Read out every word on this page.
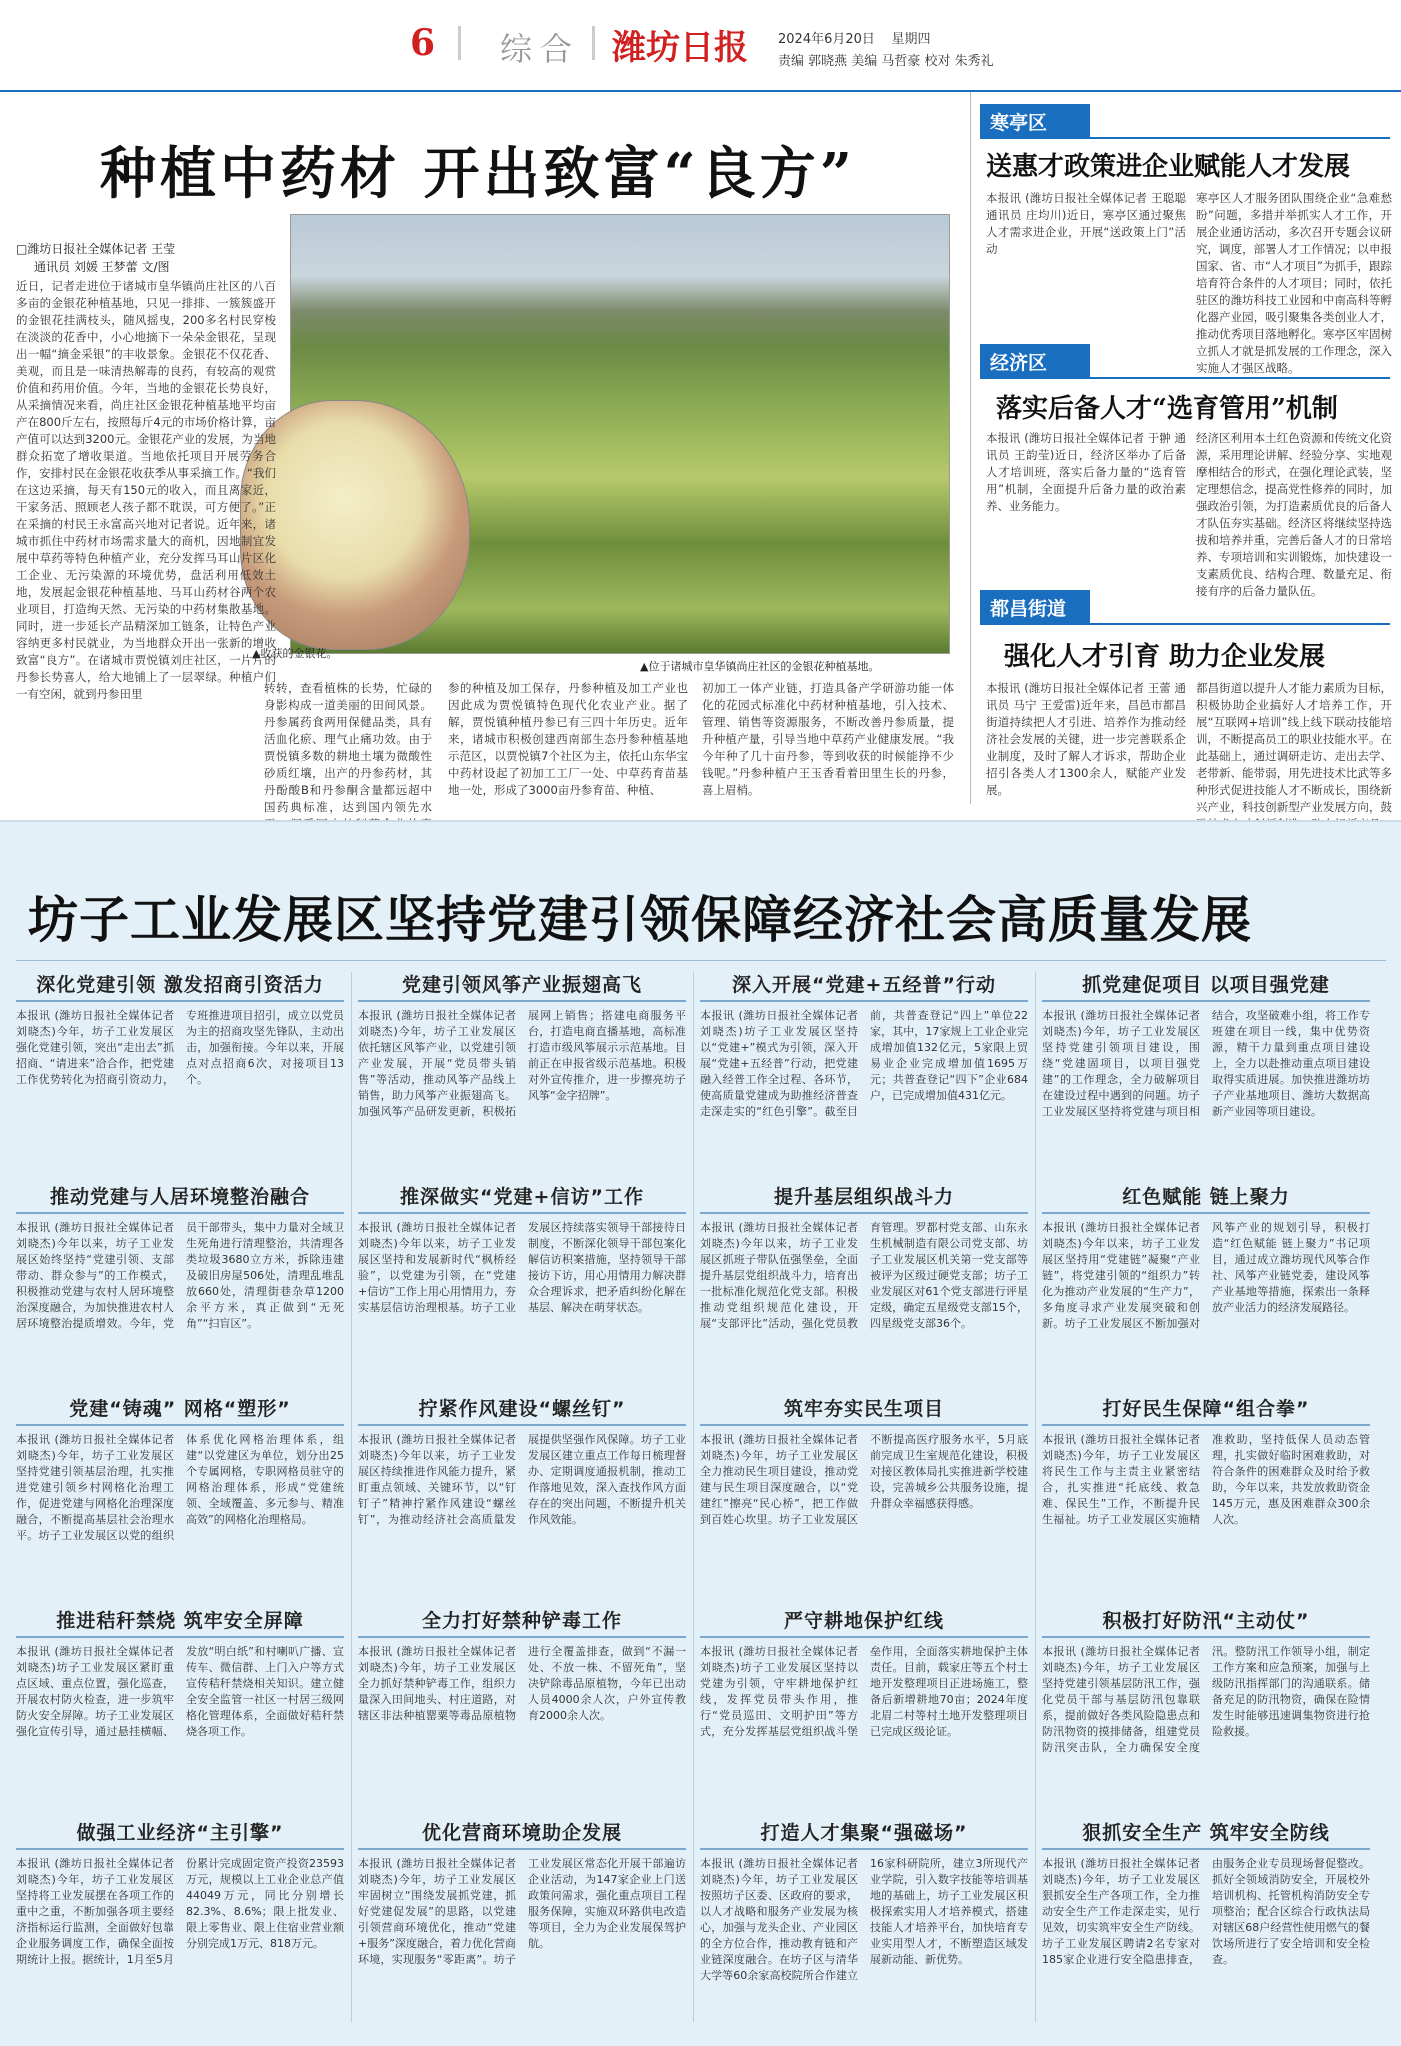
6 综合 潍坊日报 2024年6月20日 星期四
责编 郭晓燕 美编 马哲豪 校对 朱秀礼
种植中药材 开出致富“良方”
□潍坊日报社全媒体记者 王莹
通讯员 刘媛 王梦蕾 文/图
▲收获的金银花。
▲位于诸城市皇华镇尚庄社区的金银花种植基地。
近日，记者走进位于诸城市皇华镇尚庄社区的八百多亩的金银花种植基地，只见一排排、一簇簇盛开的金银花挂满枝头，随风摇曳，200多名村民穿梭在淡淡的花香中，小心地摘下一朵朵金银花，呈现出一幅“摘金采银”的丰收景象。金银花不仅花香、美观，而且是一味清热解毒的良药，有较高的观赏价值和药用价值。今年，当地的金银花长势良好，从采摘情况来看，尚庄社区金银花种植基地平均亩产在800斤左右，按照每斤4元的市场价格计算，亩产值可以达到3200元。金银花产业的发展，为当地群众拓宽了增收渠道。当地依托项目开展劳务合作，安排村民在金银花收获季从事采摘工作。“我们在这边采摘，每天有150元的收入，而且离家近，干家务活、照顾老人孩子都不耽误，可方便了。”正在采摘的村民王永富高兴地对记者说。近年来，诸城市抓住中药材市场需求量大的商机，因地制宜发展中草药等特色种植产业，充分发挥马耳山片区化工企业、无污染源的环境优势，盘活利用低效土地，发展起金银花种植基地、马耳山药材谷两个农业项目，打造绚天然、无污染的中药材集散基地。同时，进一步延长产品精深加工链条，让特色产业容纳更多村民就业，为当地群众开出一张新的增收致富“良方”。在诸城市贾悦镇刘庄社区，一片片的丹参长势喜人，给大地铺上了一层翠绿。种植户们一有空闲，就到丹参田里	转转，查看植株的长势，忙碌的身影构成一道美丽的田间风景。丹参属药食两用保健品类，具有活血化瘀、理气止痛功效。由于贾悦镇多数的耕地土壤为微酸性砂质红壤，出产的丹参药材，其丹酚酸B和丹参酮含量都远超中国药典标准，达到国内领先水
参的种植及加工保存，丹参种植及加工产业也因此成为贾悦镇特色现代化农业产业。据了解，贾悦镇种植丹参已有三四十年历史。近年来，诸城市积极创建西南部生态丹参种植基地示范区，以贾悦镇7个社区为主，依托山东华宝中药材设起了初加工工厂一处、中草药育苗基地一处，形成了3000亩丹参育苗、种植、
初加工一体产业链，打造具备产学研游功能一体化的花园式标准化中药材种植基地，引入技术、管理、销售等资源服务，不断改善丹参质量，提升种植产量，引导当地中草药产业健康发展。“我今年种了几十亩丹参，等到收获的时候能挣不少钱呢。”丹参种植户王玉香看着田里生长的丹参，喜上眉梢。
寒亭区
送惠才政策进企业赋能人才发展
本报讯 (潍坊日报社全媒体记者 王聪聪 通讯员 庄均川)近日，寒亭区通过聚焦人才需求进企业，开展“送政策上门”活动
寒亭区人才服务团队围绕企业“急难愁盼”问题，多措并举抓实人才工作，开展企业通访活动，多次召开专题会议研究，调度，部署人才工作情况；以申报国家、省、市“人才项目”为抓手，跟踪培育符合条件的人才项目；同时，依托驻区的潍坊科技工业园和中南高科等孵化器产业园，吸引聚集各类创业人才，推动优秀项目落地孵化。寒亭区牢固树立抓人才就是抓发展的工作理念，深入实施人才强区战略。
经济区
落实后备人才“选育管用”机制
本报讯 (潍坊日报社全媒体记者 于翀 通讯员 王韵莹)近日，经济区举办了后备人才培训班，落实后备力量的“选育管用”机制，全面提升后备力量的政治素养、业务能力。
经济区利用本土红色资源和传统文化资源，采用理论讲解、经验分享、实地观摩相结合的形式，在强化理论武装，坚定理想信念，提高党性修养的同时，加强政治引领，为打造素质优良的后备人才队伍夯实基础。经济区将继续坚持选拔和培养并重，完善后备人才的日常培养、专项培训和实训锻炼，加快建设一支素质优良、结构合理、数量充足、衔接有序的后备力量队伍。
都昌街道
强化人才引育 助力企业发展
本报讯 (潍坊日报社全媒体记者 王蕾 通讯员 马宁 王爱雷)近年来，昌邑市都昌街道持续把人才引进、培养作为推动经济社会发展的关键，进一步完善联系企业制度，及时了解人才诉求，帮助企业招引各类人才1300余人，赋能产业发展。
都昌街道以提升人才能力素质为目标，积极协助企业搞好人才培养工作，开展“互联网+培训”线上线下联动技能培训，不断提高员工的职业技能水平。在此基础上，通过调研走访、走出去学、老带新、能带弱，用先进技术比武等多种形式促进技能人才不断成长，围绕新兴产业，科技创新型产业发展方向，鼓
坊子工业发展区坚持党建引领保障经济社会高质量发展
深化党建引领 激发招商引资活力
本报讯 (潍坊日报社全媒体记者 刘晓杰)今年，坊子工业发展区强化党建引领，突出“走出去”抓招商、“请进来”洽合作，把党建工作优势转化为招商引资动力，专班推进项目招引，成立以党员为主的招商攻坚先锋队，主动出击，加强衔接。今年以来，开展点对点招商6次，对接项目13个。
党建引领风筝产业振翅高飞
本报讯 (潍坊日报社全媒体记者 刘晓杰)今年，坊子工业发展区依托辖区风筝产业，以党建引领产业发展，开展“党员带头销售”等活动，推动风筝产品线上销售，助力风筝产业振翅高飞。加强风筝产品研发更新，积极拓展网上销售；搭建电商服务平台，打造电商直播基地，高标准打造市级风筝展示示范基地。目前正在申报省级示范基地。积极对外宣传推介，进一步擦亮坊子风筝“金字招牌”。
深入开展“党建+五经普”行动
本报讯 (潍坊日报社全媒体记者 刘晓杰)坊子工业发展区坚持以“党建+”模式为引领，深入开展“党建+五经普”行动，把党建融入经普工作全过程、各环节，使高质量党建成为助推经济普查走深走实的“红色引擎”。截至目前，共普查登记“四上”单位22家，其中，17家规上工业企业完成增加值132亿元，5家限上贸易业企业完成增加值1695万元；共普查登记“四下”企业684户，已完成增加值431亿元。
抓党建促项目 以项目强党建
本报讯 (潍坊日报社全媒体记者 刘晓杰)今年，坊子工业发展区坚持党建引领项目建设，围绕“党建固项目，以项目强党建”的工作理念，全力破解项目在建设过程中遇到的问题。坊子工业发展区坚持将党建与项目相结合，攻坚破难小组，将工作专班建在项目一线，集中优势资源，精干力量到重点项目建设上，全力以赴推动重点项目建设取得实质进展。加快推进潍坊坊子产业基地项目、潍坊大数据高新产业园等项目建设。
推动党建与人居环境整治融合
本报讯 (潍坊日报社全媒体记者 刘晓杰)今年以来，坊子工业发展区始终坚持“党建引领、支部带动、群众参与”的工作模式，积极推动党建与农村人居环境整治深度融合，为加快推进农村人居环境整治提质增效。今年，党员干部带头，集中力量对全域卫生死角进行清理整治，共清理各类垃圾3680立方米，拆除违建及破旧房屋506处，清理乱堆乱放660处，清理街巷杂草1200余平方米，真正做到“无死角”“扫盲区”。
推深做实“党建+信访”工作
本报讯 (潍坊日报社全媒体记者 刘晓杰)今年以来，坊子工业发展区坚持和发展新时代“枫桥经验”，以党建为引领，在“党建+信访”工作上用心用情用力，夯实基层信访治理根基。坊子工业发展区持续落实领导干部接待日制度，不断深化领导干部包案化解信访积案措施，坚持领导干部接访下访，用心用情用力解决群众合理诉求，把矛盾纠纷化解在基层、解决在萌芽状态。
提升基层组织战斗力
本报讯 (潍坊日报社全媒体记者 刘晓杰)今年以来，坊子工业发展区抓班子带队伍强堡垒，全面提升基层党组织战斗力，培育出一批标准化规范化党支部。积极推动党组织规范化建设，开展“支部评比”活动，强化党员教育管理。罗都村党支部、山东永生机械制造有限公司党支部、坊子工业发展区机关第一党支部等被评为区级过硬党支部；坊子工业发展区对61个党支部进行评星定级，确定五星级党支部15个，四星级党支部36个。
红色赋能 链上聚力
本报讯 (潍坊日报社全媒体记者 刘晓杰)今年以来，坊子工业发展区坚持用“党建链”凝聚“产业链”，将党建引领的“组织力”转化为推动产业发展的“生产力”，多角度寻求产业发展突破和创新。坊子工业发展区不断加强对风筝产业的规划引导，积极打造“红色赋能 链上聚力”书记项目，通过成立潍坊现代风筝合作社、风筝产业链党委，建设风筝产业基地等措施，探索出一条释放产业活力的经济发展路径。
党建“铸魂” 网格“塑形”
本报讯 (潍坊日报社全媒体记者 刘晓杰)今年，坊子工业发展区坚持党建引领基层治理，扎实推进党建引领乡村网格化治理工作，促进党建与网格化治理深度融合，不断提高基层社会治理水平。坊子工业发展区以党的组织体系优化网格治理体系，组建“以党建区为单位，划分出25个专属网格，专职网格员驻守的网格治理体系，形成“党建统领、全域覆盖、多元参与、精准高效”的网格化治理格局。
拧紧作风建设“螺丝钉”
本报讯 (潍坊日报社全媒体记者 刘晓杰)今年以来，坊子工业发展区持续推进作风能力提升，紧盯重点领域、关键环节，以“钉钉子”精神拧紧作风建设“螺丝钉”，为推动经济社会高质量发展提供坚强作风保障。坊子工业发展区建立重点工作每日梳理督办、定期调度通报机制，推动工作落地见效，深入查找作风方面存在的突出问题，不断提升机关作风效能。
筑牢夯实民生项目
本报讯 (潍坊日报社全媒体记者 刘晓杰)今年，坊子工业发展区全力推动民生项目建设，推动党建与民生项目深度融合，以“党建红”擦亮“民心桥”，把工作做到百姓心坎里。坊子工业发展区不断提高医疗服务水平，5月底前完成卫生室规范化建设，积极对接区教体局扎实推进新学校建设，完善城乡公共服务设施，提升群众幸福感获得感。
打好民生保障“组合拳”
本报讯 (潍坊日报社全媒体记者 刘晓杰)今年，坊子工业发展区将民生工作与主责主业紧密结合，扎实推进“托底线、救急难、保民生”工作，不断提升民生福祉。坊子工业发展区实施精准救助，坚持低保人员动态管理，扎实做好临时困难救助，对符合条件的困难群众及时给予救助，今年以来，共发放救助资金145万元，惠及困难群众300余人次。
推进秸秆禁烧 筑牢安全屏障
本报讯 (潍坊日报社全媒体记者 刘晓杰)坊子工业发展区紧盯重点区域、重点位置，强化巡查，开展农村防火检查，进一步筑牢防火安全屏障。坊子工业发展区强化宣传引导，通过悬挂横幅、发放“明白纸”和村喇叭广播、宣传车、微信群、上门入户等方式宣传秸秆禁烧相关知识。建立健全安全监管一社区一村居三级网格化管理体系，全面做好秸秆禁烧各项工作。
全力打好禁种铲毒工作
本报讯 (潍坊日报社全媒体记者 刘晓杰)今年，坊子工业发展区全力抓好禁种铲毒工作，组织力量深入田间地头、村庄道路，对辖区非法种植罂粟等毒品原植物进行全覆盖排查，做到“不漏一处、不放一株、不留死角”，坚决铲除毒品原植物，今年已出动人员4000余人次，户外宣传教育2000余人次。
严守耕地保护红线
本报讯 (潍坊日报社全媒体记者 刘晓杰)坊子工业发展区坚持以党建为引领，守牢耕地保护红线，发挥党员带头作用，推行“党员巡田、文明护田”等方式，充分发挥基层党组织战斗堡垒作用，全面落实耕地保护主体责任。目前，载家庄等五个村土地开发整理项目正进场施工，整备后新增耕地70亩；2024年度北眉二村等村土地开发整理项目已完成区级论证。
积极打好防汛“主动仗”
本报讯 (潍坊日报社全媒体记者 刘晓杰)今年，坊子工业发展区坚持党建引领基层防汛工作，强化党员干部与基层防汛包靠联系，提前做好各类风险隐患点和防汛物资的摸排储备，组建党员防汛突击队，全力确保安全度汛。整防汛工作领导小组，制定工作方案和应急预案，加强与上级防汛指挥部门的沟通联系。储备充足的防汛物资，确保在险情发生时能够迅速调集物资进行抢险救援。
做强工业经济“主引擎”
本报讯 (潍坊日报社全媒体记者 刘晓杰)今年，坊子工业发展区坚持将工业发展摆在各项工作的重中之重，不断加强各项主要经济指标运行监测，全面做好包靠企业服务调度工作，确保全面按期统计上报。据统计，1月至5月份累计完成固定资产投资23593万元，规模以上工业企业总产值44049万元，同比分别增长82.3%、8.6%；限上批发业、限上零售业、限上住宿业营业额分别完成1万元、818万元。
优化营商环境助企发展
本报讯 (潍坊日报社全媒体记者 刘晓杰)今年，坊子工业发展区牢固树立“围绕发展抓党建，抓好党建促发展”的思路，以党建引领营商环境优化，推动“党建+服务”深度融合，着力优化营商环境，实现服务“零距离”。坊子工业发展区常态化开展干部遍访企业活动，为147家企业上门送政策问需求，强化重点项目工程服务保障，实施双环路供电改造等项目，全力为企业发展保驾护航。
打造人才集聚“强磁场”
本报讯 (潍坊日报社全媒体记者 刘晓杰)今年，坊子工业发展区按照坊子区委、区政府的要求，以人才战略和服务产业发展为核心，加强与龙头企业、产业园区的全方位合作，推动教育链和产业链深度融合。在坊子区与清华大学等60余家高校院所合作建立16家科研院所，建立3所现代产业学院，引入数字技能等培训基地的基础上，坊子工业发展区积极探索实用人才培养模式，搭建技能人才培养平台，加快培育专业实用型人才，不断塑造区域发展新动能、新优势。
狠抓安全生产 筑牢安全防线
本报讯 (潍坊日报社全媒体记者 刘晓杰)今年，坊子工业发展区狠抓安全生产各项工作，全力推动安全生产工作走深走实，见行见效，切实筑牢安全生产防线。坊子工业发展区聘请2名专家对185家企业进行安全隐患排查，由服务企业专员现场督促整改。抓好全领域消防安全，开展校外培训机构、托管机构消防安全专项整治；配合区综合行政执法局对辖区68户经营性使用燃气的餐饮场所进行了安全培训和安全检查。
